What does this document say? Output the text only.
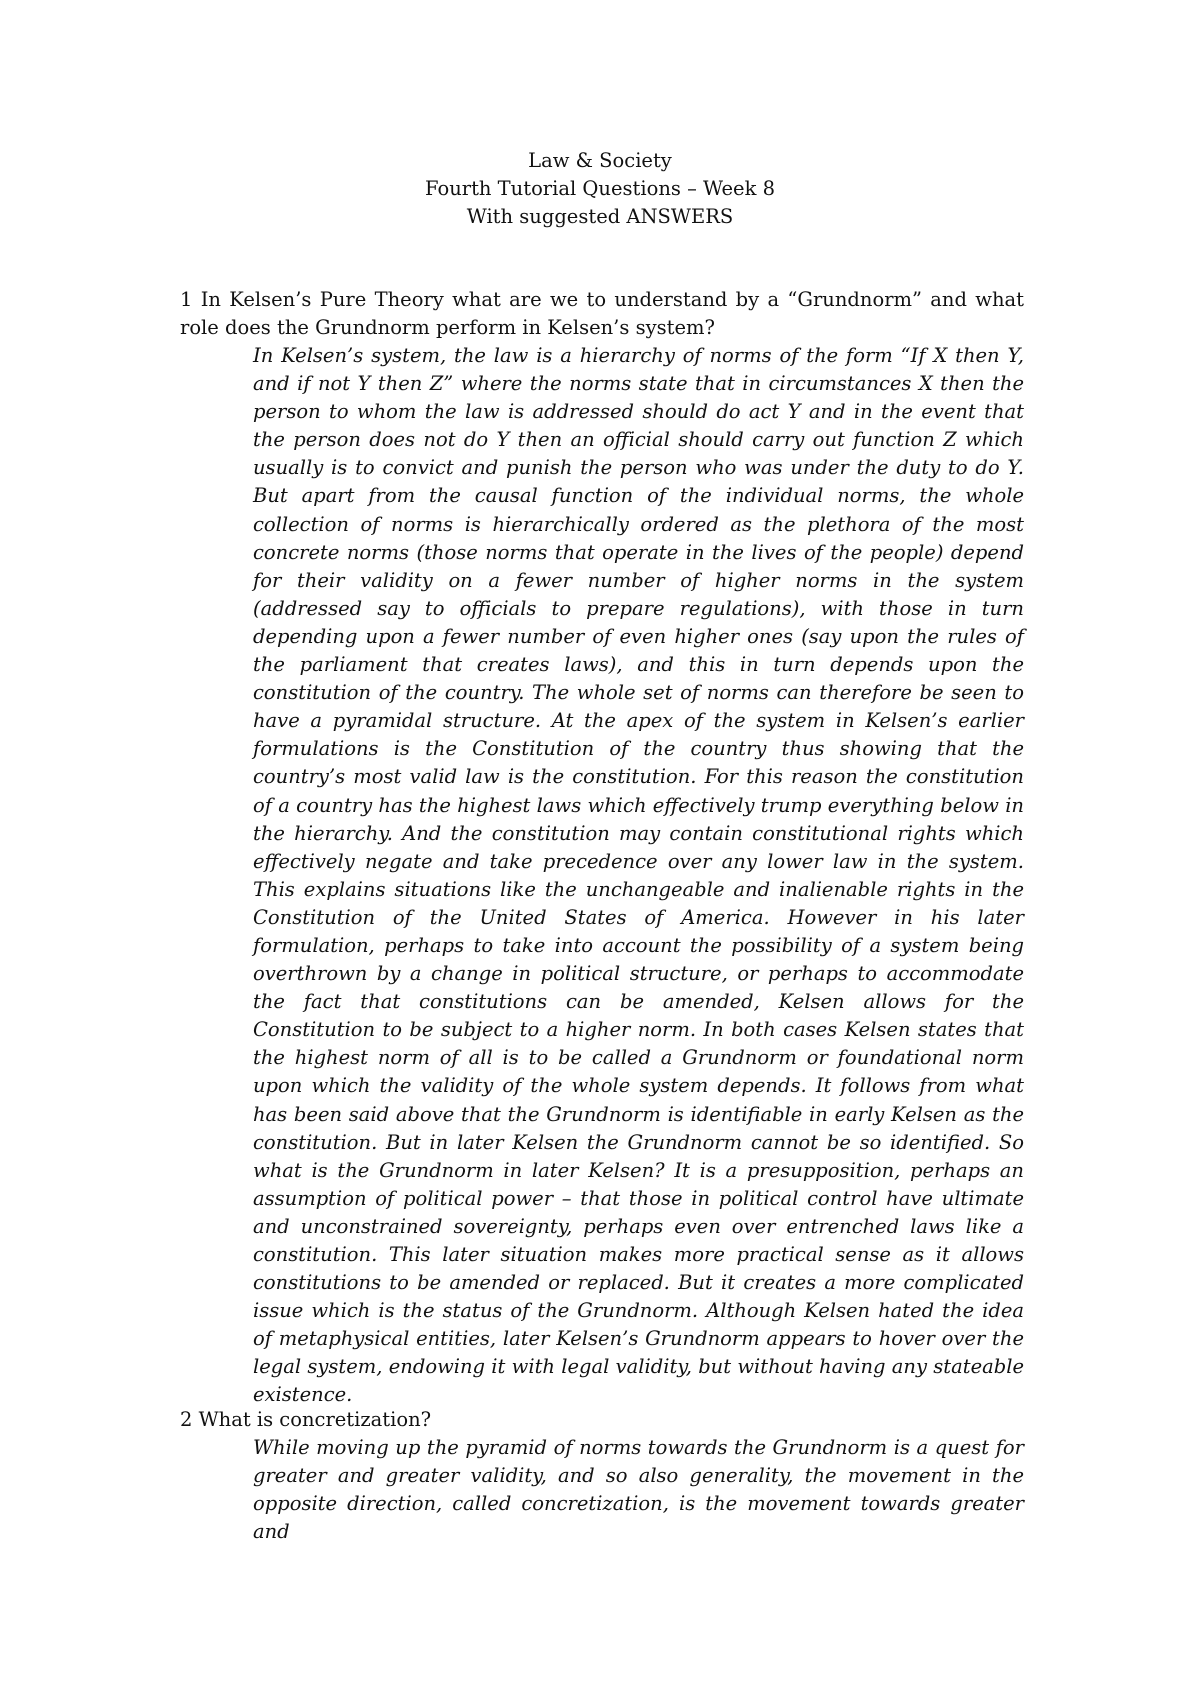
Law & Society
Fourth Tutorial Questions – Week 8
With suggested ANSWERS

1 In Kelsen’s Pure Theory what are we to understand by a “Grundnorm” and what role does the Grundnorm perform in Kelsen’s system?

In Kelsen’s system, the law is a hierarchy of norms of the form “If X then Y, and if not Y then Z” where the norms state that in circumstances X then the person to whom the law is addressed should do act Y and in the event that the person does not do Y then an official should carry out function Z which usually is to convict and punish the person who was under the duty to do Y. But apart from the causal function of the individual norms, the whole collection of norms is hierarchically ordered as the plethora of the most concrete norms (those norms that operate in the lives of the people) depend for their validity on a fewer number of higher norms in the system (addressed say to officials to prepare regulations), with those in turn depending upon a fewer number of even higher ones (say upon the rules of the parliament that creates laws), and this in turn depends upon the constitution of the country. The whole set of norms can therefore be seen to have a pyramidal structure. At the apex of the system in Kelsen’s earlier formulations is the Constitution of the country thus showing that the country’s most valid law is the constitution. For this reason the constitution of a country has the highest laws which effectively trump everything below in the hierarchy. And the constitution may contain constitutional rights which effectively negate and take precedence over any lower law in the system. This explains situations like the unchangeable and inalienable rights in the Constitution of the United States of America. However in his later formulation, perhaps to take into account the possibility of a system being overthrown by a change in political structure, or perhaps to accommodate the fact that constitutions can be amended, Kelsen allows for the Constitution to be subject to a higher norm. In both cases Kelsen states that the highest norm of all is to be called a Grundnorm or foundational norm upon which the validity of the whole system depends. It follows from what has been said above that the Grundnorm is identifiable in early Kelsen as the constitution. But in later Kelsen the Grundnorm cannot be so identified. So what is the Grundnorm in later Kelsen? It is a presupposition, perhaps an assumption of political power – that those in political control have ultimate and unconstrained sovereignty, perhaps even over entrenched laws like a constitution. This later situation makes more practical sense as it allows constitutions to be amended or replaced. But it creates a more complicated issue which is the status of the Grundnorm. Although Kelsen hated the idea of metaphysical entities, later Kelsen’s Grundnorm appears to hover over the legal system, endowing it with legal validity, but without having any stateable existence.

2 What is concretization?

While moving up the pyramid of norms towards the Grundnorm is a quest for greater and greater validity, and so also generality, the movement in the opposite direction, called concretization, is the movement towards greater and
